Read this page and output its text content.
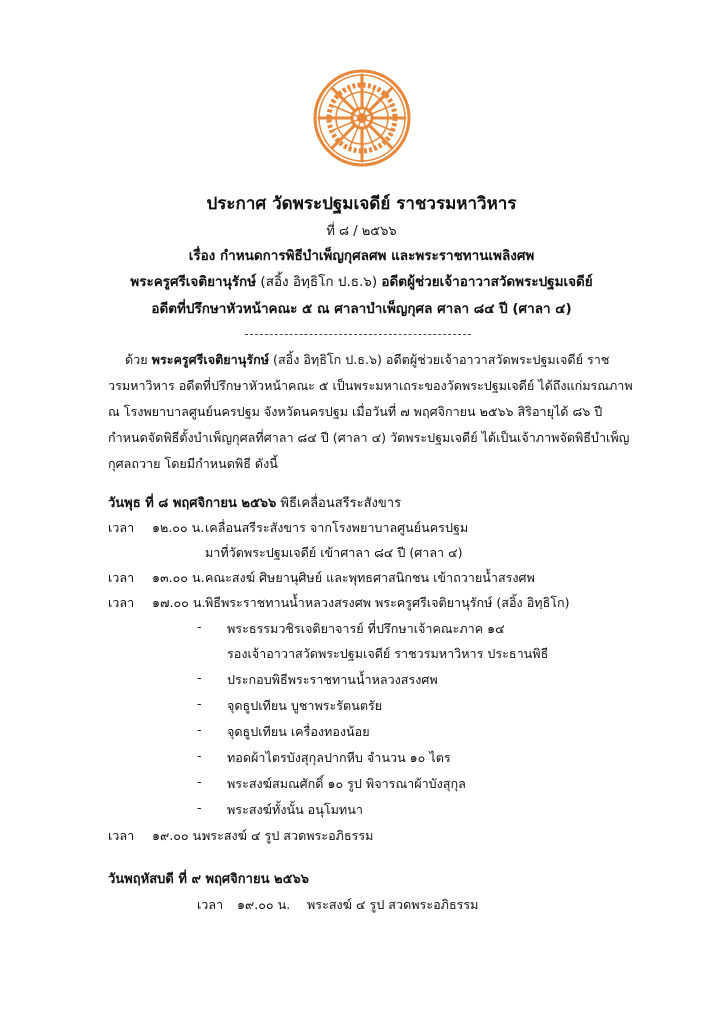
ประกาศ วัดพระปฐมเจดีย์ ราชวรมหาวิหาร
ที่ ๘ / ๒๕๖๖
เรื่อง กำหนดการพิธีบำเพ็ญกุศลศพ และพระราชทานเพลิงศพ
พระครูศรีเจติยานุรักษ์ (สอิ้ง อิทฺธิโก ป.ธ.๖) อดีตผู้ช่วยเจ้าอาวาสวัดพระปฐมเจดีย์
อดีตที่ปรึกษาหัวหน้าคณะ ๕ ณ ศาลาบำเพ็ญกุศล ศาลา ๘๔ ปี (ศาลา ๔)
ด้วย พระครูศรีเจติยานุรักษ์ (สอิ้ง อิทฺธิโก ป.ธ.๖) อดีตผู้ช่วยเจ้าอาวาสวัดพระปฐมเจดีย์ ราช
วรมหาวิหาร อดีตที่ปรึกษาหัวหน้าคณะ ๕ เป็นพระมหาเถระของวัดพระปฐมเจดีย์ ได้ถึงแก่มรณภาพ
ณ โรงพยาบาลศูนย์นครปฐม จังหวัดนครปฐม เมื่อวันที่ ๗ พฤศจิกายน ๒๕๖๖ สิริอายุได้ ๘๖ ปี
กำหนดจัดพิธีตั้งบำเพ็ญกุศลที่ศาลา ๘๔ ปี (ศาลา ๔) วัดพระปฐมเจดีย์ ได้เป็นเจ้าภาพจัดพิธีบำเพ็ญ
กุศลถวาย โดยมีกำหนดพิธี ดังนี้
วันพุธ ที่ ๘ พฤศจิกายน ๒๕๖๖ พิธีเคลื่อนสรีระสังขาร
เวลา ๑๒.๐๐ น. เคลื่อนสรีระสังขาร จากโรงพยาบาลศูนย์นครปฐม
มาที่วัดพระปฐมเจดีย์ เข้าศาลา ๘๔ ปี (ศาลา ๔)
เวลา ๑๓.๐๐ น. คณะสงฆ์ ศิษยานุศิษย์ และพุทธศาสนิกชน เข้าถวายน้ำสรงศพ
เวลา ๑๗.๐๐ น. พิธีพระราชทานน้ำหลวงสรงศพ พระครูศรีเจติยานุรักษ์ (สอิ้ง อิทฺธิโก)
- พระธรรมวชิรเจติยาจารย์ ที่ปรึกษาเจ้าคณะภาค ๑๔
รองเจ้าอาวาสวัดพระปฐมเจดีย์ ราชวรมหาวิหาร ประธานพิธี
- ประกอบพิธีพระราชทานน้ำหลวงสรงศพ
- จุดธูปเทียน บูชาพระรัตนตรัย
- จุดธูปเทียน เครื่องทองน้อย
- ทอดผ้าไตรบังสุกุลปากหีบ จำนวน ๑๐ ไตร
- พระสงฆ์สมณศักดิ์ ๑๐ รูป พิจารณาผ้าบังสุกุล
- พระสงฆ์ทั้งนั้น อนุโมทนา
เวลา ๑๙.๐๐ น.
พระสงฆ์ ๔ รูป สวดพระอภิธรรม
วันพฤหัสบดี ที่ ๙ พฤศจิกายน ๒๕๖๖
เวลา ๑๙.๐๐ น. พระสงฆ์ ๔ รูป สวดพระอภิธรรม
